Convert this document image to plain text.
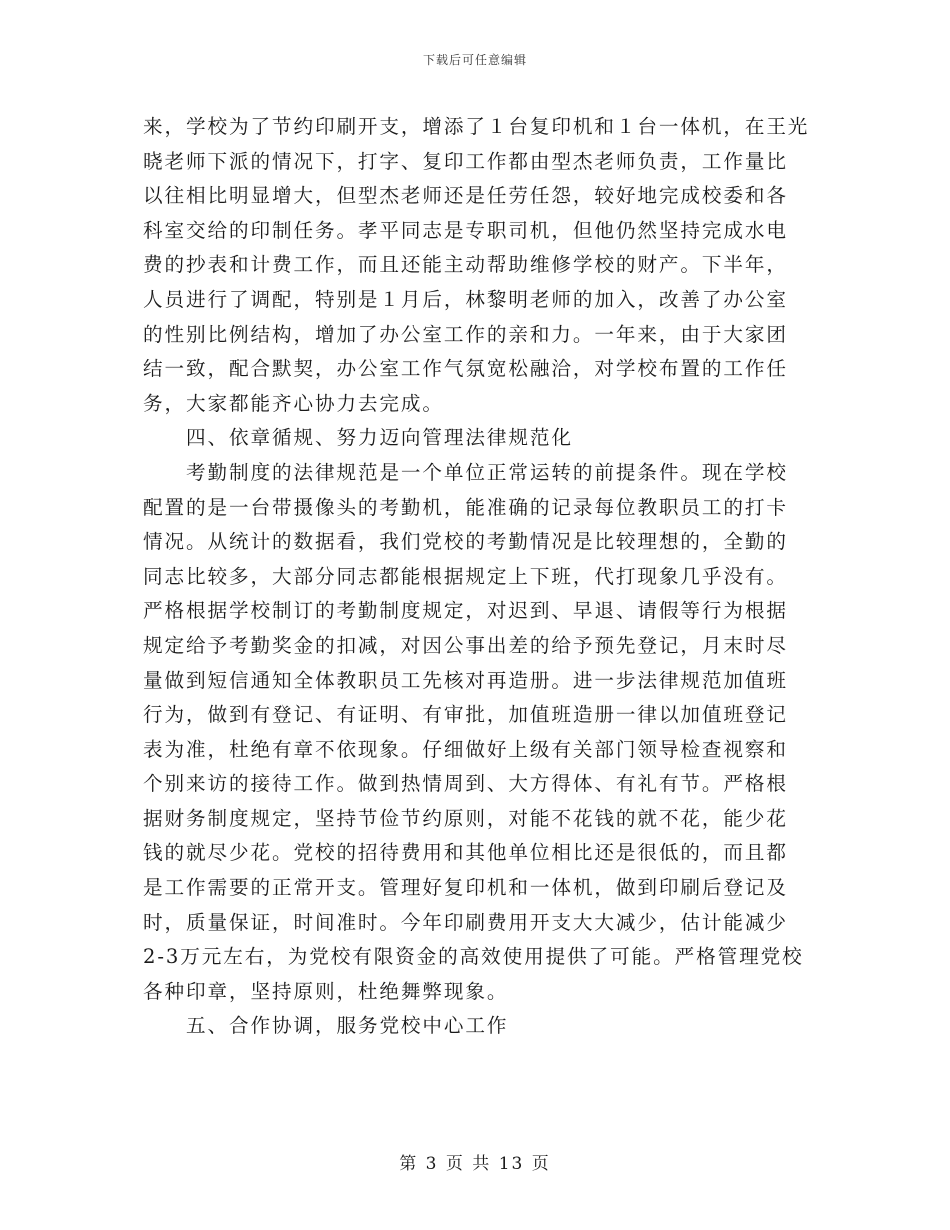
下载后可任意编辑
来，学校为了节约印刷开支，增添了１台复印机和１台一体机，在王光
晓老师下派的情况下，打字、复印工作都由型杰老师负责，工作量比
以往相比明显增大，但型杰老师还是任劳任怨，较好地完成校委和各
科室交给的印制任务。孝平同志是专职司机，但他仍然坚持完成水电
费的抄表和计费工作，而且还能主动帮助维修学校的财产。下半年，
人员进行了调配，特别是１月后，林黎明老师的加入，改善了办公室
的性别比例结构，增加了办公室工作的亲和力。一年来，由于大家团
结一致，配合默契，办公室工作气氛宽松融洽，对学校布置的工作任
务，大家都能齐心协力去完成。
四、依章循规、努力迈向管理法律规范化
考勤制度的法律规范是一个单位正常运转的前提条件。现在学校
配置的是一台带摄像头的考勤机，能准确的记录每位教职员工的打卡
情况。从统计的数据看，我们党校的考勤情况是比较理想的，全勤的
同志比较多，大部分同志都能根据规定上下班，代打现象几乎没有。
严格根据学校制订的考勤制度规定，对迟到、早退、请假等行为根据
规定给予考勤奖金的扣减，对因公事出差的给予预先登记，月末时尽
量做到短信通知全体教职员工先核对再造册。进一步法律规范加值班
行为，做到有登记、有证明、有审批，加值班造册一律以加值班登记
表为准，杜绝有章不依现象。仔细做好上级有关部门领导检查视察和
个别来访的接待工作。做到热情周到、大方得体、有礼有节。严格根
据财务制度规定，坚持节俭节约原则，对能不花钱的就不花，能少花
钱的就尽少花。党校的招待费用和其他单位相比还是很低的，而且都
是工作需要的正常开支。管理好复印机和一体机，做到印刷后登记及
时，质量保证，时间准时。今年印刷费用开支大大减少，估计能减少
2-3万元左右，为党校有限资金的高效使用提供了可能。严格管理党校
各种印章，坚持原则，杜绝舞弊现象。
五、合作协调，服务党校中心工作
第 3 页 共 13 页
